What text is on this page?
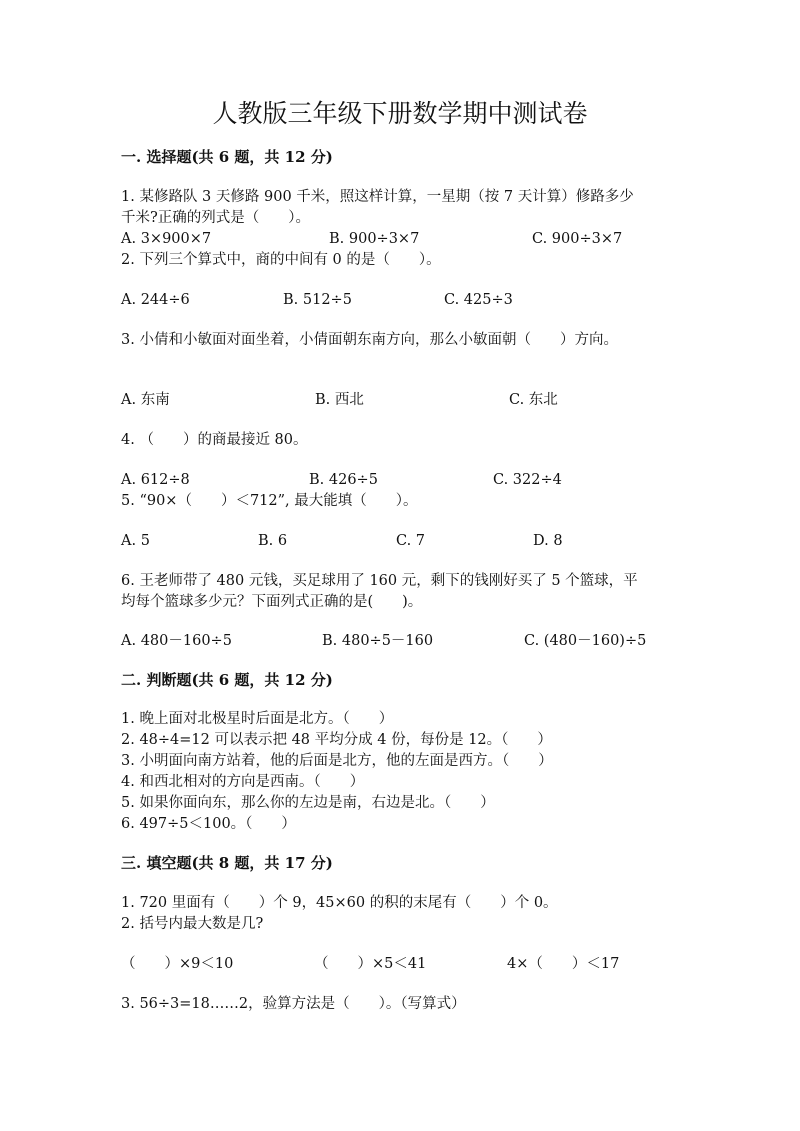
人教版三年级下册数学期中测试卷
一. 选择题(共 6 题，共 12 分)
1. 某修路队 3 天修路 900 千米，照这样计算，一星期（按 7 天计算）修路多少
千米?正确的列式是（　　）。
A. 3×900×7	B. 900÷3×7	C. 900÷3×7
2. 下列三个算式中，商的中间有 0 的是（　　）。
A. 244÷6	B. 512÷5	C. 425÷3
3. 小倩和小敏面对面坐着，小倩面朝东南方向，那么小敏面朝（　　）方向。
A. 东南	B. 西北	C. 东北
4. （　　）的商最接近 80。
A. 612÷8	B. 426÷5	C. 322÷4
5. “90×（　　）＜712”, 最大能填（　　）。
A. 5	B. 6	C. 7	D. 8
6. 王老师带了 480 元钱，买足球用了 160 元，剩下的钱刚好买了 5 个篮球，平
均每个篮球多少元？下面列式正确的是(　　)。
A. 480－160÷5	B. 480÷5－160	C. (480－160)÷5
二. 判断题(共 6 题，共 12 分)
1. 晚上面对北极星时后面是北方。（　　）
2. 48÷4=12 可以表示把 48 平均分成 4 份，每份是 12。（　　）
3. 小明面向南方站着，他的后面是北方，他的左面是西方。（　　）
4. 和西北相对的方向是西南。（　　）
5. 如果你面向东，那么你的左边是南，右边是北。（　　）
6. 497÷5＜100。（　　）
三. 填空题(共 8 题，共 17 分)
1. 720 里面有（　　）个 9，45×60 的积的末尾有（　　）个 0。
2. 括号内最大数是几?
（　　）×9＜10	（　　）×5＜41	4×（　　）＜17
3. 56÷3=18……2，验算方法是（　　）。（写算式）
